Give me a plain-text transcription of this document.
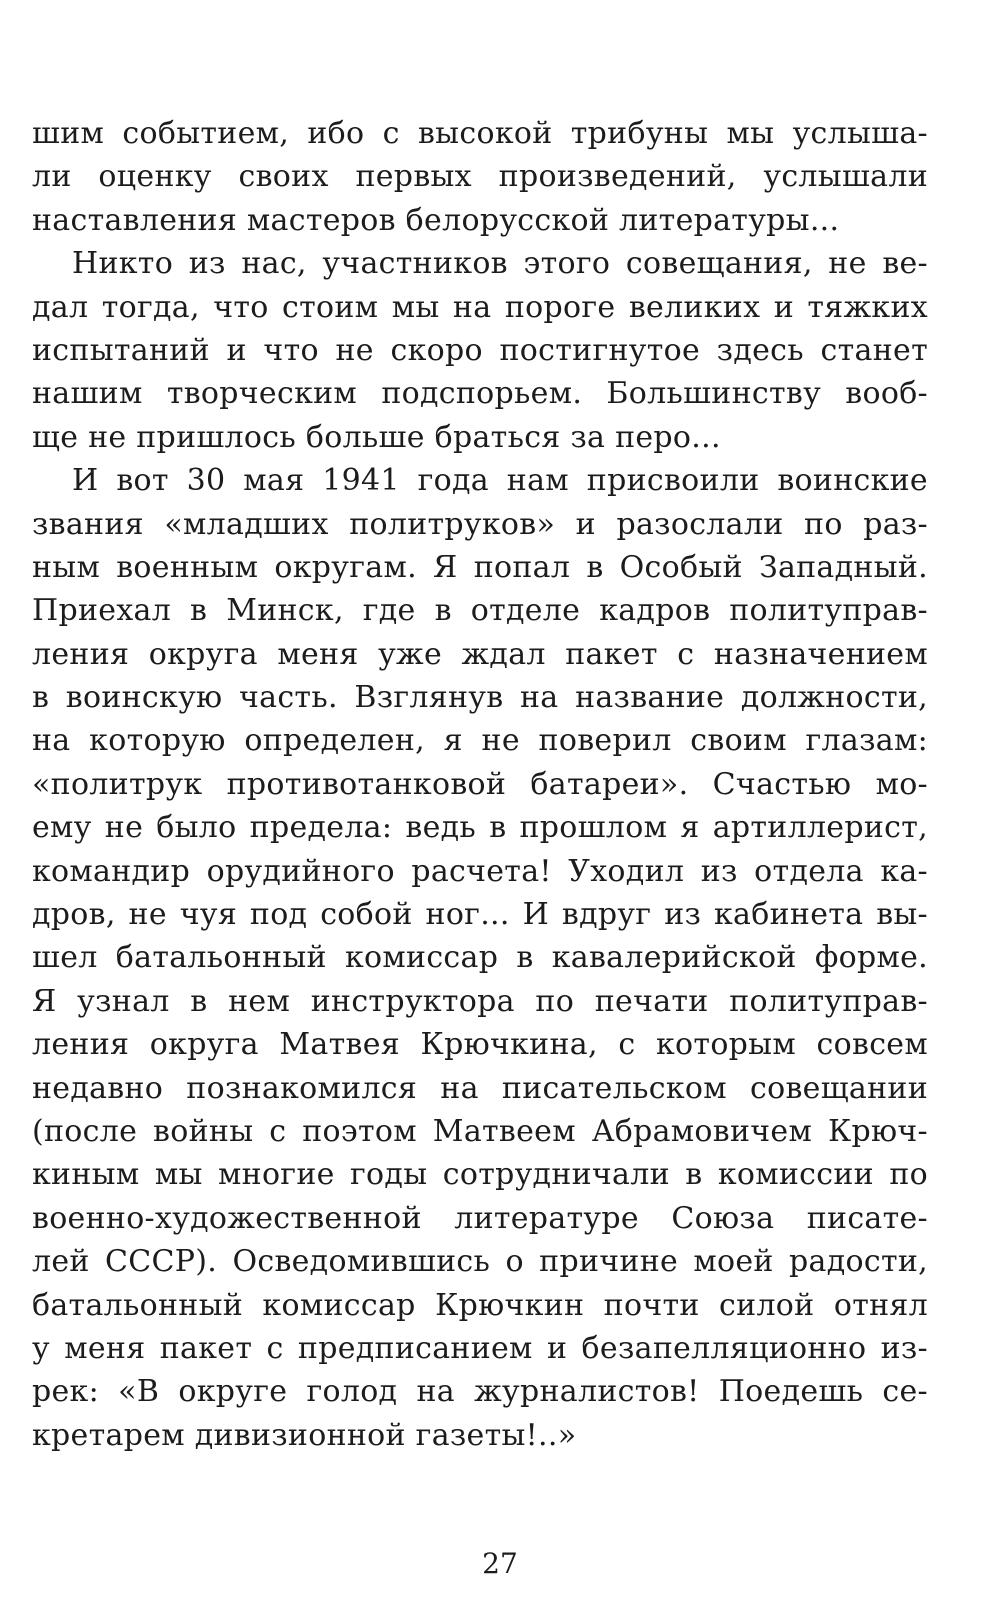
шим событием, ибо с высокой трибуны мы услыша-
ли оценку своих первых произведений, услышали
наставления мастеров белорусской литературы...
Никто из нас, участников этого совещания, не ве-
дал тогда, что стоим мы на пороге великих и тяжких
испытаний и что не скоро постигнутое здесь станет
нашим творческим подспорьем. Большинству вооб-
ще не пришлось больше браться за перо...
И вот 30 мая 1941 года нам присвоили воинские
звания «младших политруков» и разослали по раз-
ным военным округам. Я попал в Особый Западный.
Приехал в Минск, где в отделе кадров политуправ-
ления округа меня уже ждал пакет с назначением
в воинскую часть. Взглянув на название должности,
на которую определен, я не поверил своим глазам:
«политрук противотанковой батареи». Счастью мо-
ему не было предела: ведь в прошлом я артиллерист,
командир орудийного расчета! Уходил из отдела ка-
дров, не чуя под собой ног... И вдруг из кабинета вы-
шел батальонный комиссар в кавалерийской форме.
Я узнал в нем инструктора по печати политуправ-
ления округа Матвея Крючкина, с которым совсем
недавно познакомился на писательском совещании
(после войны с поэтом Матвеем Абрамовичем Крюч-
киным мы многие годы сотрудничали в комиссии по
военно-художественной литературе Союза писате-
лей СССР). Осведомившись о причине моей радости,
батальонный комиссар Крючкин почти силой отнял
у меня пакет с предписанием и безапелляционно из-
рек: «В округе голод на журналистов! Поедешь се-
кретарем дивизионной газеты!..»
27
